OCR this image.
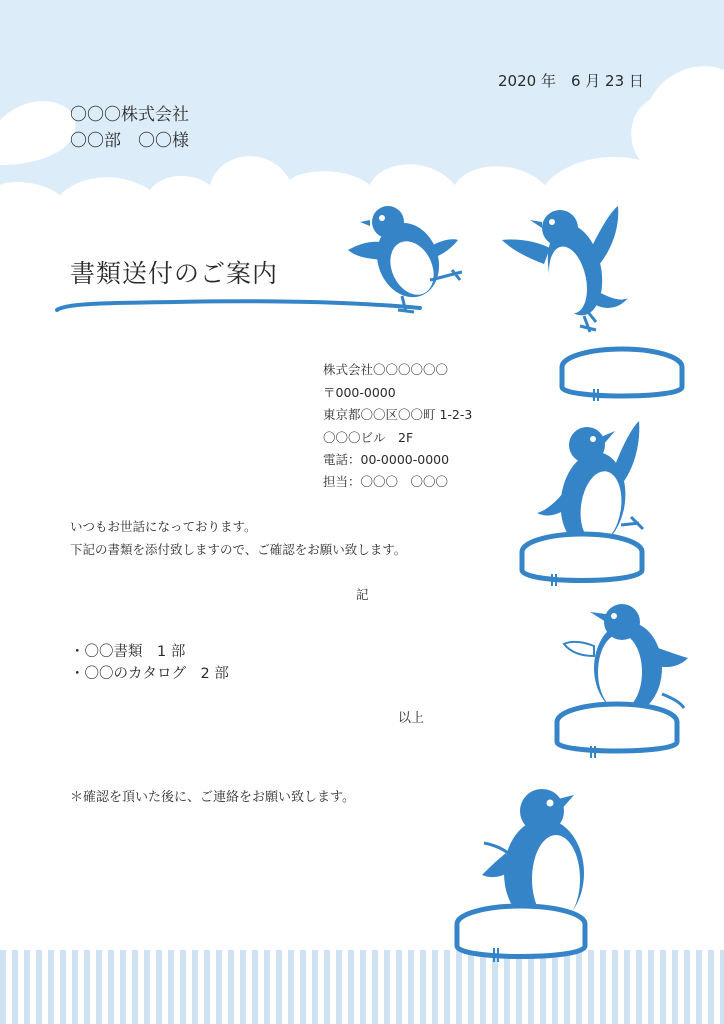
2020 年　6 月 23 日
〇〇〇株式会社
〇〇部　〇〇様
書類送付のご案内
株式会社〇〇〇〇〇〇
〒000-0000
東京都〇〇区〇〇町 1-2-3
〇〇〇ビル　2F
電話：00-0000-0000
担当：〇〇〇　〇〇〇
いつもお世話になっております。
下記の書類を添付致しますので、ご確認をお願い致します。
記
・〇〇書類　1 部
・〇〇のカタログ　2 部
以上
＊確認を頂いた後に、ご連絡をお願い致します。
